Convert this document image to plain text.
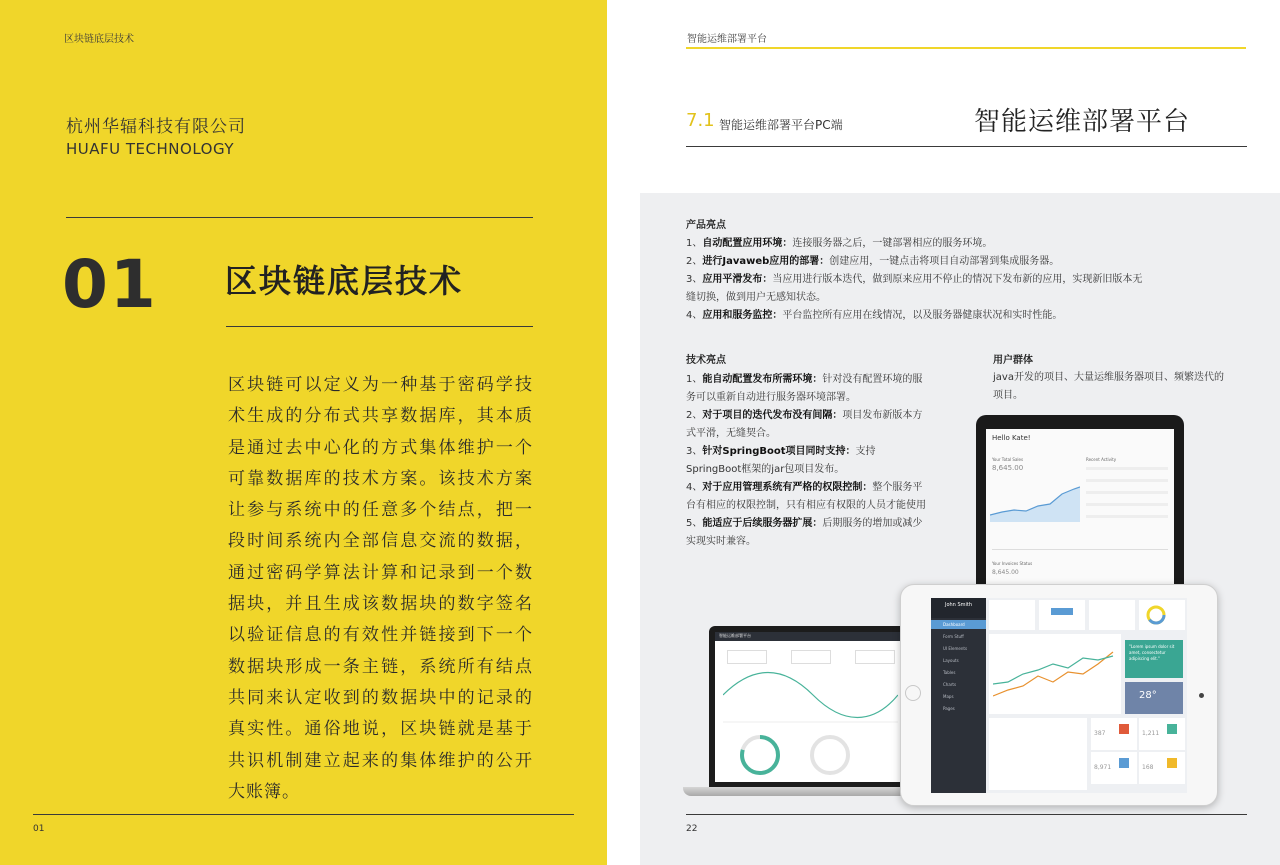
区块链底层技术
杭州华辐科技有限公司
HUAFU TECHNOLOGY
01 区块链底层技术
区块链可以定义为一种基于密码学技术生成的分布式共享数据库，其本质是通过去中心化的方式集体维护一个可靠数据库的技术方案。该技术方案让参与系统中的任意多个结点，把一段时间系统内全部信息交流的数据，通过密码学算法计算和记录到一个数据块，并且生成该数据块的数字签名以验证信息的有效性并链接到下一个数据块形成一条主链，系统所有结点共同来认定收到的数据块中的记录的真实性。通俗地说，区块链就是基于共识机制建立起来的集体维护的公开大账簿。
01
智能运维部署平台
7.1 智能运维部署平台PC端	智能运维部署平台
产品亮点
1、自动配置应用环境：连接服务器之后，一键部署相应的服务环境。
2、进行Javaweb应用的部署：创建应用，一键点击将项目自动部署到集成服务器。
3、应用平滑发布：当应用进行版本迭代，做到原来应用不停止的情况下发布新的应用，实现新旧版本无缝切换，做到用户无感知状态。
4、应用和服务监控：平台监控所有应用在线情况，以及服务器健康状况和实时性能。
技术亮点
1、能自动配置发布所需环境：针对没有配置环境的服务可以重新自动进行服务器环境部署。
2、对于项目的迭代发布没有间隔：项目发布新版本方式平滑，无缝契合。
3、针对SpringBoot项目同时支持：支持SpringBoot框架的jar包项目发布。
4、对于应用管理系统有严格的权限控制：整个服务平台有相应的权限控制，只有相应有权限的人员才能使用
5、能适应于后续服务器扩展：后期服务的增加或减少实现实时兼容。
用户群体
java开发的项目、大量运维服务器项目、频繁迭代的项目。
Hello Kate!
Your Total Sales
8,645.00
Recent Activity
Your Invoices Status
8,645.00
智能运维部署平台
John Smith
Dashboard
Form Stuff
UI Elements
Layouts
Tables
Charts
Maps
Pages
"Lorem ipsum dolor sit amet, consectetur adipiscing elit."
28°
387	1,211
8,971	168
22
